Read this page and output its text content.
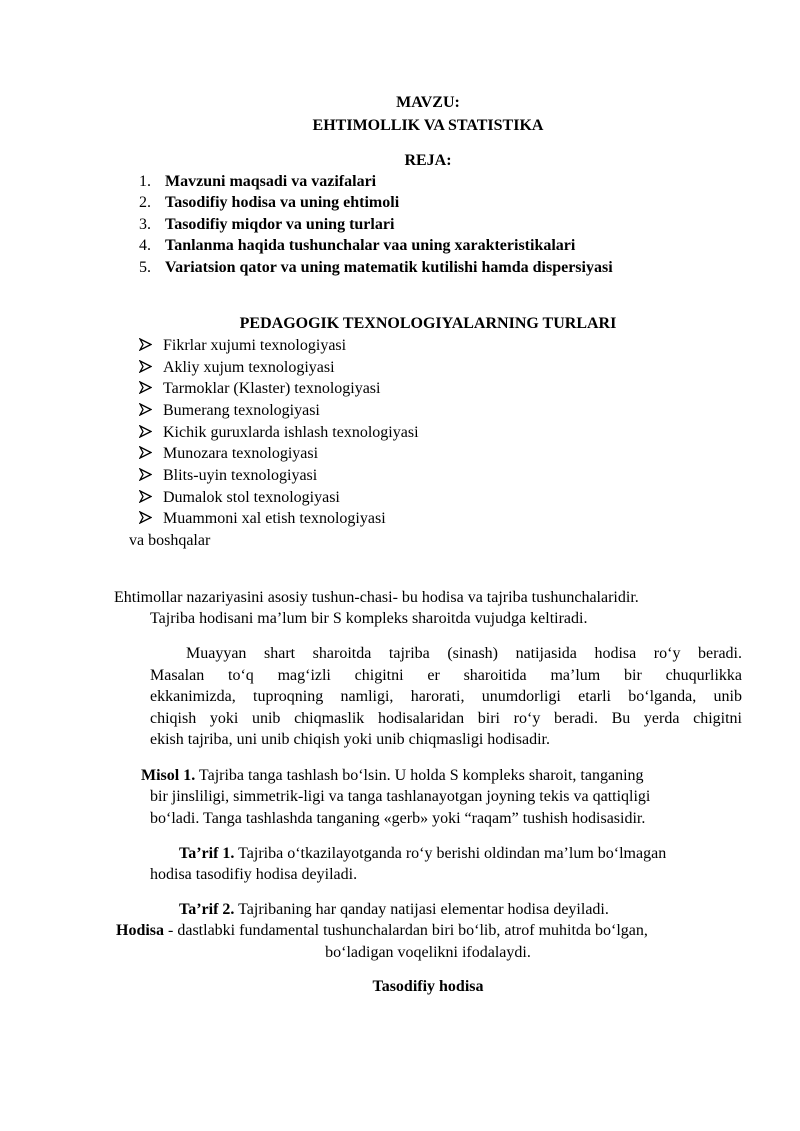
MAVZU:
EHTIMOLLIK VA STATISTIKA
REJA:
1. Mavzuni maqsadi va vazifalari
2. Tasodifiy hodisa va uning ehtimoli
3. Tasodifiy miqdor va uning turlari
4. Tanlanma haqida tushunchalar vaa uning xarakteristikalari
5. Variatsion qator va uning matematik kutilishi hamda dispersiyasi
PEDAGOGIK TEXNOLOGIYALARNING TURLARI
Fikrlar xujumi texnologiyasi
Akliy xujum texnologiyasi
Tarmoklar (Klaster) texnologiyasi
Bumerang texnologiyasi
Kichik guruxlarda ishlash texnologiyasi
Munozara texnologiyasi
Blits-uyin texnologiyasi
Dumalok stol texnologiyasi
Muammoni xal etish texnologiyasi
va boshqalar
Ehtimollar nazariyasini asosiy tushun-chasi- bu hodisa va tajriba tushunchalaridir.
Tajriba hodisani ma’lum bir S kompleks sharoitda vujudga keltiradi.
Muayyan shart sharoitda tajriba (sinash) natijasida hodisa ro‘y beradi.
Masalan to‘q mag‘izli chigitni er sharoitida ma’lum bir chuqurlikka
ekkanimizda, tuproqning namligi, harorati, unumdorligi etarli bo‘lganda, unib
chiqish yoki unib chiqmaslik hodisalaridan biri ro‘y beradi. Bu yerda chigitni
ekish tajriba, uni unib chiqish yoki unib chiqmasligi hodisadir.
Misol 1. Tajriba tanga tashlash bo‘lsin. U holda S kompleks sharoit, tanganing
bir jinsliligi, simmetrik-ligi va tanga tashlanayotgan joyning tekis va qattiqligi
bo‘ladi. Tanga tashlashda tanganing «gerb» yoki “raqam” tushish hodisasidir.
Ta’rif 1. Tajriba o‘tkazilayotganda ro‘y berishi oldindan ma’lum bo‘lmagan
hodisa tasodifiy hodisa deyiladi.
Ta’rif 2. Tajribaning har qanday natijasi elementar hodisa deyiladi.
Hodisa - dastlabki fundamental tushunchalardan biri bo‘lib, atrof muhitda bo‘lgan,
bo‘ladigan voqelikni ifodalaydi.
Tasodifiy hodisa
